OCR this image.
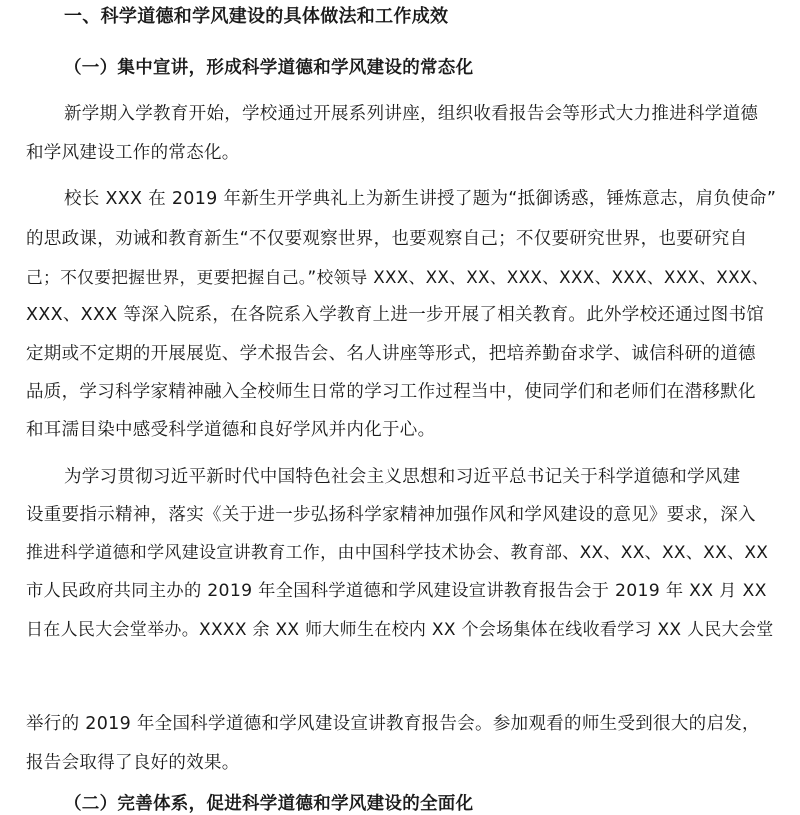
一、科学道德和学风建设的具体做法和工作成效
（一）集中宣讲，形成科学道德和学风建设的常态化
新学期入学教育开始，学校通过开展系列讲座，组织收看报告会等形式大力推进科学道德
和学风建设工作的常态化。
校长 XXX 在 2019 年新生开学典礼上为新生讲授了题为“抵御诱惑，锤炼意志，肩负使命”
的思政课，劝诫和教育新生“不仅要观察世界，也要观察自己；不仅要研究世界，也要研究自
己；不仅要把握世界，更要把握自己。”校领导 XXX、XX、XX、XXX、XXX、XXX、XXX、XXX、
XXX、XXX 等深入院系，在各院系入学教育上进一步开展了相关教育。此外学校还通过图书馆
定期或不定期的开展展览、学术报告会、名人讲座等形式，把培养勤奋求学、诚信科研的道德
品质，学习科学家精神融入全校师生日常的学习工作过程当中，使同学们和老师们在潜移默化
和耳濡目染中感受科学道德和良好学风并内化于心。
为学习贯彻习近平新时代中国特色社会主义思想和习近平总书记关于科学道德和学风建
设重要指示精神，落实《关于进一步弘扬科学家精神加强作风和学风建设的意见》要求，深入
推进科学道德和学风建设宣讲教育工作，由中国科学技术协会、教育部、XX、XX、XX、XX、XX
市人民政府共同主办的 2019 年全国科学道德和学风建设宣讲教育报告会于 2019 年 XX 月 XX
日在人民大会堂举办。XXXX 余 XX 师大师生在校内 XX 个会场集体在线收看学习 XX 人民大会堂
举行的 2019 年全国科学道德和学风建设宣讲教育报告会。参加观看的师生受到很大的启发，
报告会取得了良好的效果。
（二）完善体系，促进科学道德和学风建设的全面化
